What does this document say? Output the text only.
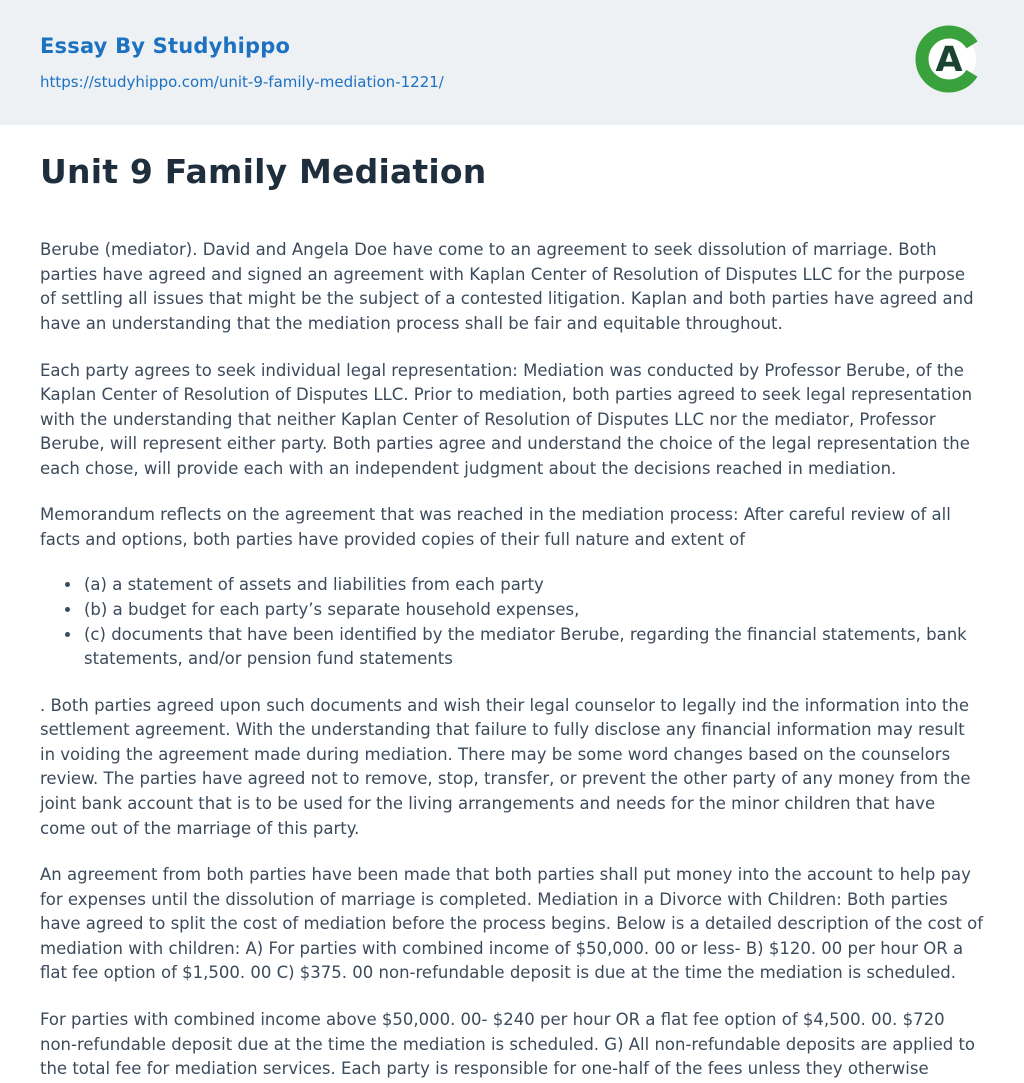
Essay By Studyhippo
https://studyhippo.com/unit-9-family-mediation-1221/
A
Unit 9 Family Mediation

Berube (mediator). David and Angela Doe have come to an agreement to seek dissolution of marriage. Both parties have agreed and signed an agreement with Kaplan Center of Resolution of Disputes LLC for the purpose of settling all issues that might be the subject of a contested litigation. Kaplan and both parties have agreed and have an understanding that the mediation process shall be fair and equitable throughout.

Each party agrees to seek individual legal representation: Mediation was conducted by Professor Berube, of the Kaplan Center of Resolution of Disputes LLC. Prior to mediation, both parties agreed to seek legal representation with the understanding that neither Kaplan Center of Resolution of Disputes LLC nor the mediator, Professor Berube, will represent either party. Both parties agree and understand the choice of the legal representation the each chose, will provide each with an independent judgment about the decisions reached in mediation.

Memorandum reflects on the agreement that was reached in the mediation process: After careful review of all facts and options, both parties have provided copies of their full nature and extent of

• (a) a statement of assets and liabilities from each party
• (b) a budget for each party’s separate household expenses,
• (c) documents that have been identified by the mediator Berube, regarding the financial statements, bank statements, and/or pension fund statements

. Both parties agreed upon such documents and wish their legal counselor to legally ind the information into the settlement agreement. With the understanding that failure to fully disclose any financial information may result in voiding the agreement made during mediation. There may be some word changes based on the counselors review. The parties have agreed not to remove, stop, transfer, or prevent the other party of any money from the joint bank account that is to be used for the living arrangements and needs for the minor children that have come out of the marriage of this party.

An agreement from both parties have been made that both parties shall put money into the account to help pay for expenses until the dissolution of marriage is completed. Mediation in a Divorce with Children: Both parties have agreed to split the cost of mediation before the process begins. Below is a detailed description of the cost of mediation with children: A) For parties with combined income of $50,000. 00 or less- B) $120. 00 per hour OR a flat fee option of $1,500. 00 C) $375. 00 non-refundable deposit is due at the time the mediation is scheduled.

For parties with combined income above $50,000. 00- $240 per hour OR a flat fee option of $4,500. 00. $720 non-refundable deposit due at the time the mediation is scheduled. G) All non-refundable deposits are applied to the total fee for mediation services. Each party is responsible for one-half of the fees unless they otherwise
